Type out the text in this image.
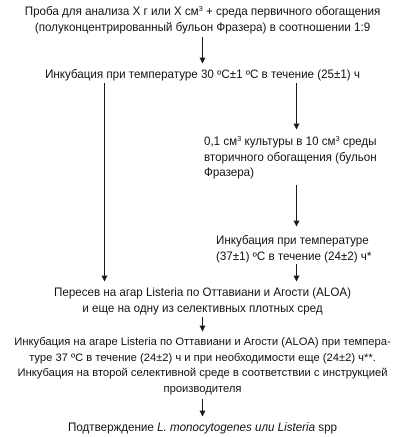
Проба для анализа X г или X $см^3$ + среда первичного обогащения
(полуконцентрированный бульон Фразера) в соотношении 1:9
Инкубация при температуре 30 ºС±1 ºС в течение (25±1) ч
0,1 $см^3$ культуры в 10 $см^3$ среды
вторичного обогащения (бульон
Фразера)
Инкубация при температуре
(37±1) ºС в течение (24±2) ч*
Пересев на агар Listeria по Оттавиани и Агости (ALOA)
и еще на одну из селективных плотных сред
Инкубация на агаре Listeria по Оттавиани и Агости (ALOA) при темпера-
туре 37 ºС в течение (24±2) ч и при необходимости еще (24±2) ч**.
Инкубация на второй селективной среде в соответствии с инструкцией
производителя
Подтверждение L. monocytogenes или Listeria spp
